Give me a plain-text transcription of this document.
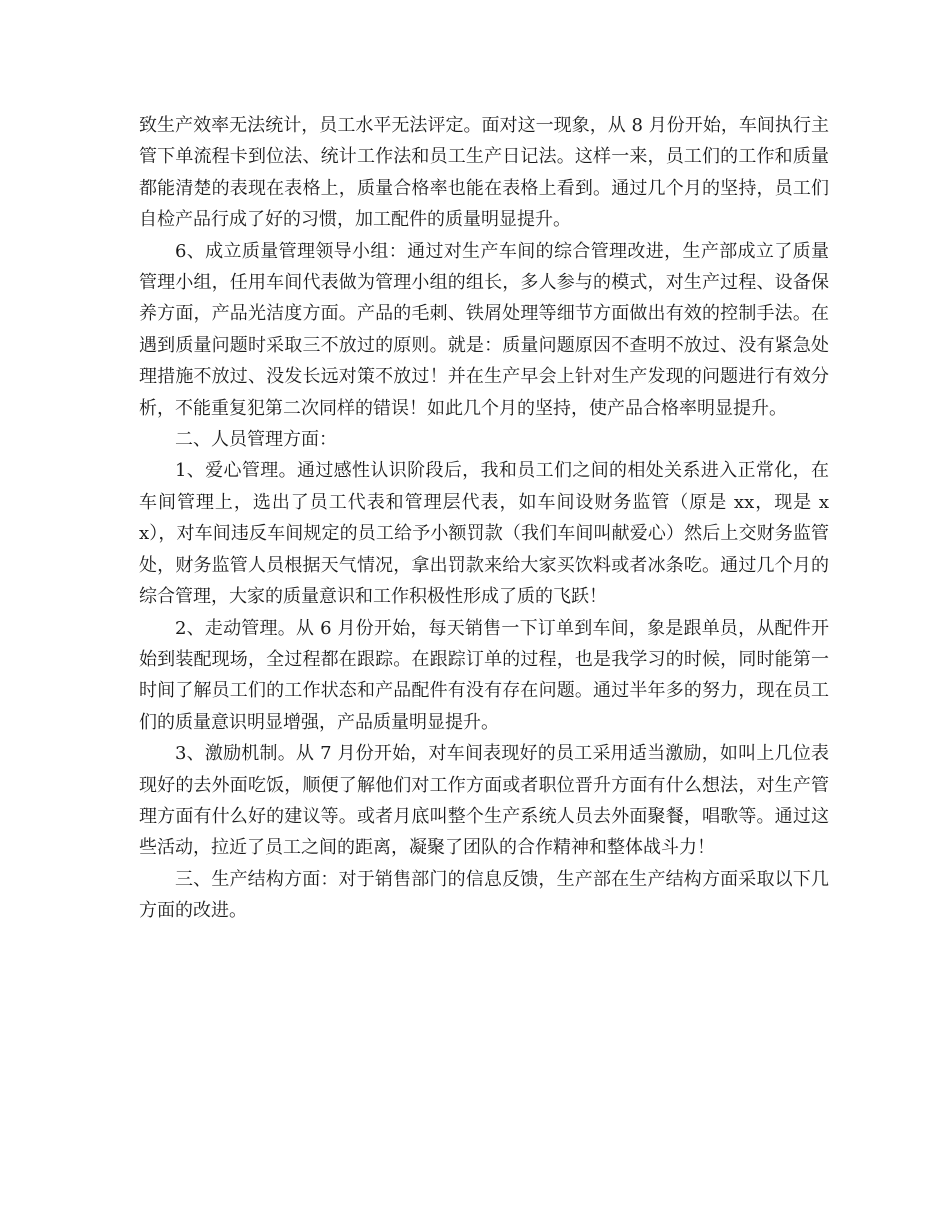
致生产效率无法统计，员工水平无法评定。面对这一现象，从 8 月份开始，车间执行主管下单流程卡到位法、统计工作法和员工生产日记法。这样一来，员工们的工作和质量都能清楚的表现在表格上，质量合格率也能在表格上看到。通过几个月的坚持，员工们自检产品行成了好的习惯，加工配件的质量明显提升。

6、成立质量管理领导小组：通过对生产车间的综合管理改进，生产部成立了质量管理小组，任用车间代表做为管理小组的组长，多人参与的模式，对生产过程、设备保养方面，产品光洁度方面。产品的毛刺、铁屑处理等细节方面做出有效的控制手法。在遇到质量问题时采取三不放过的原则。就是：质量问题原因不查明不放过、没有紧急处理措施不放过、没发长远对策不放过！并在生产早会上针对生产发现的问题进行有效分析，不能重复犯第二次同样的错误！如此几个月的坚持，使产品合格率明显提升。

二、人员管理方面：

1、爱心管理。通过感性认识阶段后，我和员工们之间的相处关系进入正常化，在车间管理上，选出了员工代表和管理层代表，如车间设财务监管（原是 xx，现是 xx），对车间违反车间规定的员工给予小额罚款（我们车间叫献爱心）然后上交财务监管处，财务监管人员根据天气情况，拿出罚款来给大家买饮料或者冰条吃。通过几个月的综合管理，大家的质量意识和工作积极性形成了质的飞跃！

2、走动管理。从 6 月份开始，每天销售一下订单到车间，象是跟单员，从配件开始到装配现场，全过程都在跟踪。在跟踪订单的过程，也是我学习的时候，同时能第一时间了解员工们的工作状态和产品配件有没有存在问题。通过半年多的努力，现在员工们的质量意识明显增强，产品质量明显提升。

3、激励机制。从 7 月份开始，对车间表现好的员工采用适当激励，如叫上几位表现好的去外面吃饭，顺便了解他们对工作方面或者职位晋升方面有什么想法，对生产管理方面有什么好的建议等。或者月底叫整个生产系统人员去外面聚餐，唱歌等。通过这些活动，拉近了员工之间的距离，凝聚了团队的合作精神和整体战斗力！

三、生产结构方面：对于销售部门的信息反馈，生产部在生产结构方面采取以下几方面的改进。
